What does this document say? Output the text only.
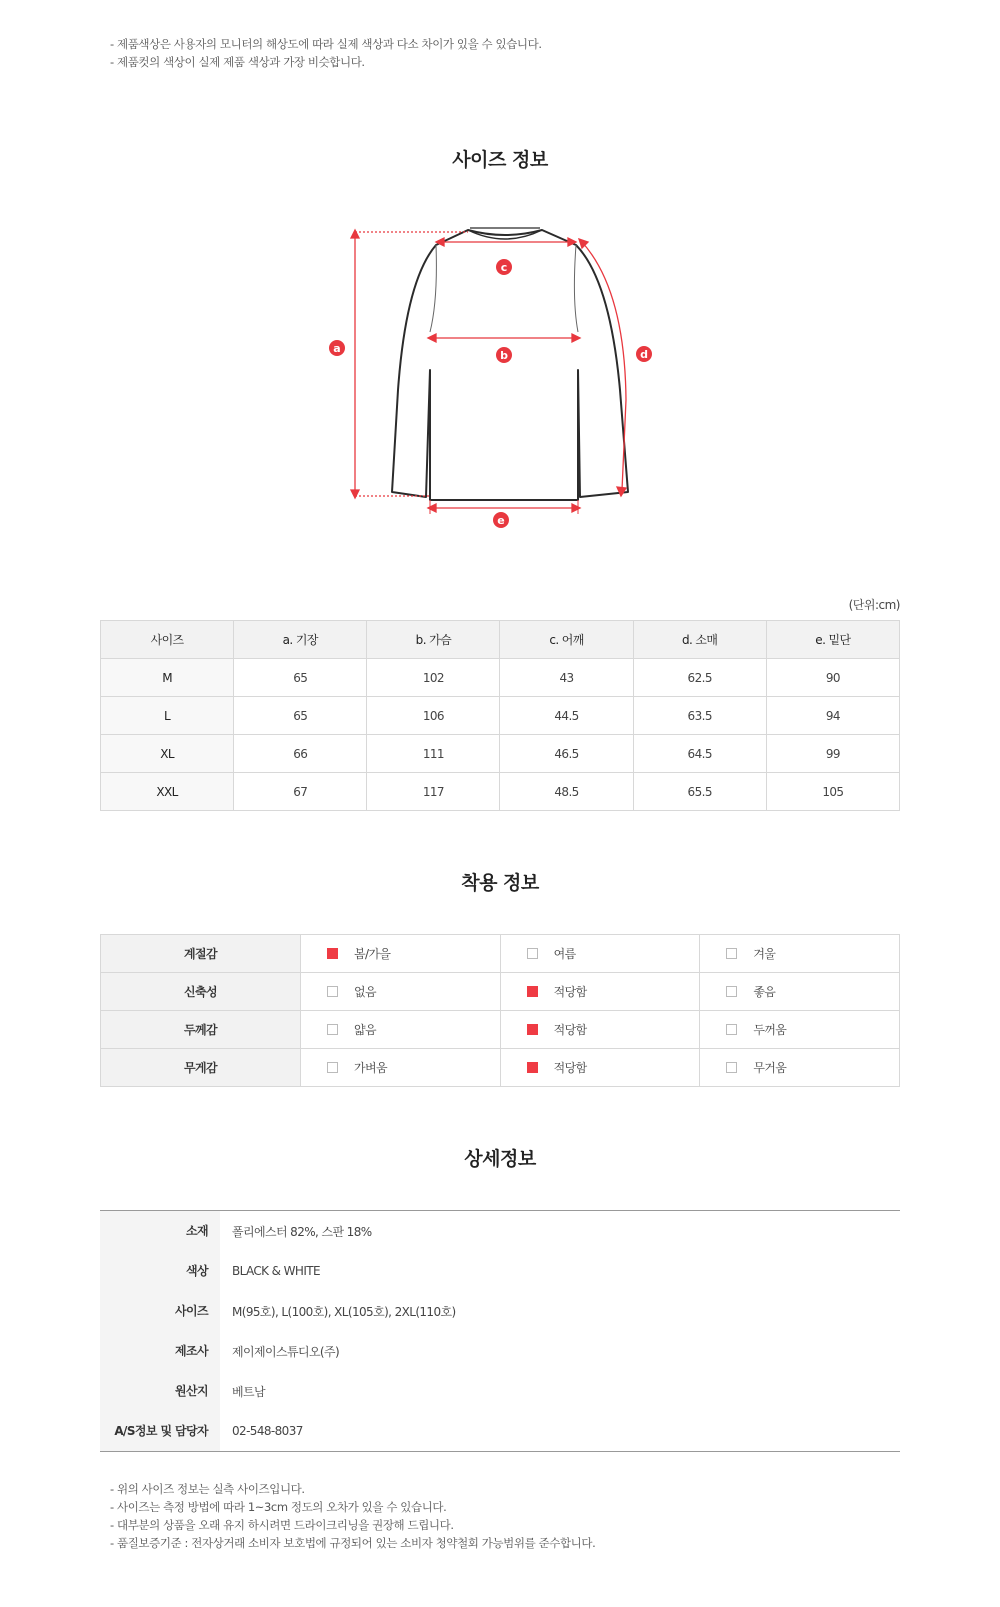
- 제품색상은 사용자의 모니터의 해상도에 따라 실제 색상과 다소 차이가 있을 수 있습니다.
- 제품컷의 색상이 실제 제품 색상과 가장 비슷합니다.
사이즈 정보
a
c
b	d
e
(단위:cm)
사이즈	a. 기장	b. 가슴	c. 어깨	d. 소매	e. 밑단
M	65	102	43	62.5	90
L	65	106	44.5	63.5	94
XL	66	111	46.5	64.5	99
XXL	67	117	48.5	65.5	105
착용 정보
계절감	봄/가을	여름	겨울
신축성	없음	적당함	좋음
두께감	얇음	적당함	두꺼움
무게감	가벼움	적당함	무거움
상세정보
소재	폴리에스터 82%, 스판 18%
색상	BLACK & WHITE
사이즈	M(95호), L(100호), XL(105호), 2XL(110호)
제조사	제이제이스튜디오(주)
원산지	베트남
A/S정보 및 담당자	02-548-8037
- 위의 사이즈 정보는 실측 사이즈입니다.
- 사이즈는 측정 방법에 따라 1~3cm 정도의 오차가 있을 수 있습니다.
- 대부분의 상품을 오래 유지 하시려면 드라이크리닝을 권장해 드립니다.
- 품질보증기준 : 전자상거래 소비자 보호법에 규정되어 있는 소비자 청약철회 가능범위를 준수합니다.
